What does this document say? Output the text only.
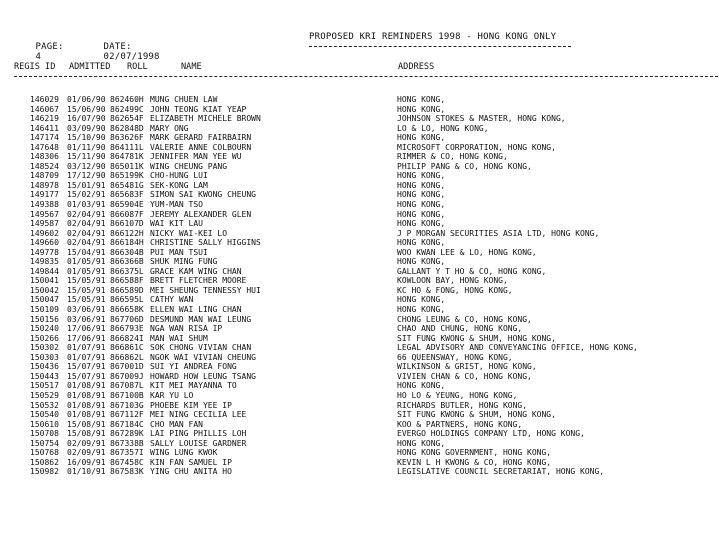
PAGE:
4

DATE:
02/07/1998

PROPOSED KRI REMINDERS 1998 - HONG KONG ONLY
REGIS ID ADMITTED ROLL	NAME	ADDRESS
146029 01/06/90 862460H MUNG CHUEN LAW	HONG KONG,
146067 15/06/90 862499C JOHN TEONG KIAT YEAP	HONG KONG,
146219 16/07/90 862654F ELIZABETH MICHELE BROWN	JOHNSON STOKES & MASTER, HONG KONG,
146411 03/09/90 862848D MARY ONG	LO & LO, HONG KONG,
147174 15/10/90 863626F MARK GERARD FAIRBAIRN	HONG KONG,
147648 01/11/90 864111L VALERIE ANNE COLBOURN	MICROSOFT CORPORATION, HONG KONG,
148306 15/11/90 864781K JENNIFER MAN YEE WU	RIMMER & CO, HONG KONG,
148524 03/12/90 865011K WING CHEUNG PANG	PHILIP PANG & CO, HONG KONG,
148709 17/12/90 865199K CHO-HUNG LUI	HONG KONG,
148978 15/01/91 865481G SEK-KONG LAM	HONG KONG,
149177 15/02/91 865683F SIMON SAI KWONG CHEUNG	HONG KONG,
149388 01/03/91 865904E YUM-MAN TSO	HONG KONG,
149567 02/04/91 866087F JEREMY ALEXANDER GLEN	HONG KONG,
149587 02/04/91 866107D WAI KIT LAU	HONG KONG,
149602 02/04/91 866122H NICKY WAI-KEI LO	J P MORGAN SECURITIES ASIA LTD, HONG KONG,
149660 02/04/91 866184H CHRISTINE SALLY HIGGINS	HONG KONG,
149778 15/04/91 866304B PUI MAN TSUI	WOO KWAN LEE & LO, HONG KONG,
149835 01/05/91 866366B SHUK MING FUNG	HONG KONG,
149844 01/05/91 866375L GRACE KAM WING CHAN	GALLANT Y T HO & CO, HONG KONG,
150041 15/05/91 866588F BRETT FLETCHER MOORE	KOWLOON BAY, HONG KONG,
150042 15/05/91 866589D MEI SHEUNG TENNESSY HUI	KC HO & FONG, HONG KONG,
150047 15/05/91 866595L CATHY WAN	HONG KONG,
150109 03/06/91 866658K ELLEN WAI LING CHAN	HONG KONG,
150156 03/06/91 867706D DESMUND MAN WAI LEUNG	CHONG LEUNG & CO, HONG KONG,
150240 17/06/91 866793E NGA WAN RISA IP	CHAO AND CHUNG, HONG KONG,
150266 17/06/91 866824I MAN WAI SHUM	SIT FUNG KWONG & SHUM, HONG KONG,
150302 01/07/91 866861C SOK CHONG VIVIAN CHAN	LEGAL ADVISORY AND CONVEYANCING OFFICE, HONG KONG,
150303 01/07/91 866862L NGOK WAI VIVIAN CHEUNG	66 QUEENSWAY, HONG KONG,
150436 15/07/91 867001D SUI YI ANDREA FONG	WILKINSON & GRIST, HONG KONG,
150443 15/07/91 867009J HOWARD HOW LEUNG TSANG	VIVIEN CHAN & CO, HONG KONG,
150517 01/08/91 867087L KIT MEI MAYANNA TO	HONG KONG,
150529 01/08/91 867100B KAR YU LO	HO LO & YEUNG, HONG KONG,
150532 01/08/91 867103G PHOEBE KIM YEE IP	RICHARDS BUTLER, HONG KONG,
150540 01/08/91 867112F MEI NING CECILIA LEE	SIT FUNG KWONG & SHUM, HONG KONG,
150610 15/08/91 867184C CHO MAN FAN	KOO & PARTNERS, HONG KONG,
150708 15/08/91 867289K LAI PING PHILLIS LOH	EVERGO HOLDINGS COMPANY LTD, HONG KONG,
150754 02/09/91 867338B SALLY LOUISE GARDNER	HONG KONG,
150768 02/09/91 867357I WING LUNG KWOK	HONG KONG GOVERNMENT, HONG KONG,
150862 16/09/91 867458C KIN FAN SAMUEL IP	KEVIN L H KWONG & CO, HONG KONG,
150982 01/10/91 867583K YING CHU ANITA HO	LEGISLATIVE COUNCIL SECRETARIAT, HONG KONG,
